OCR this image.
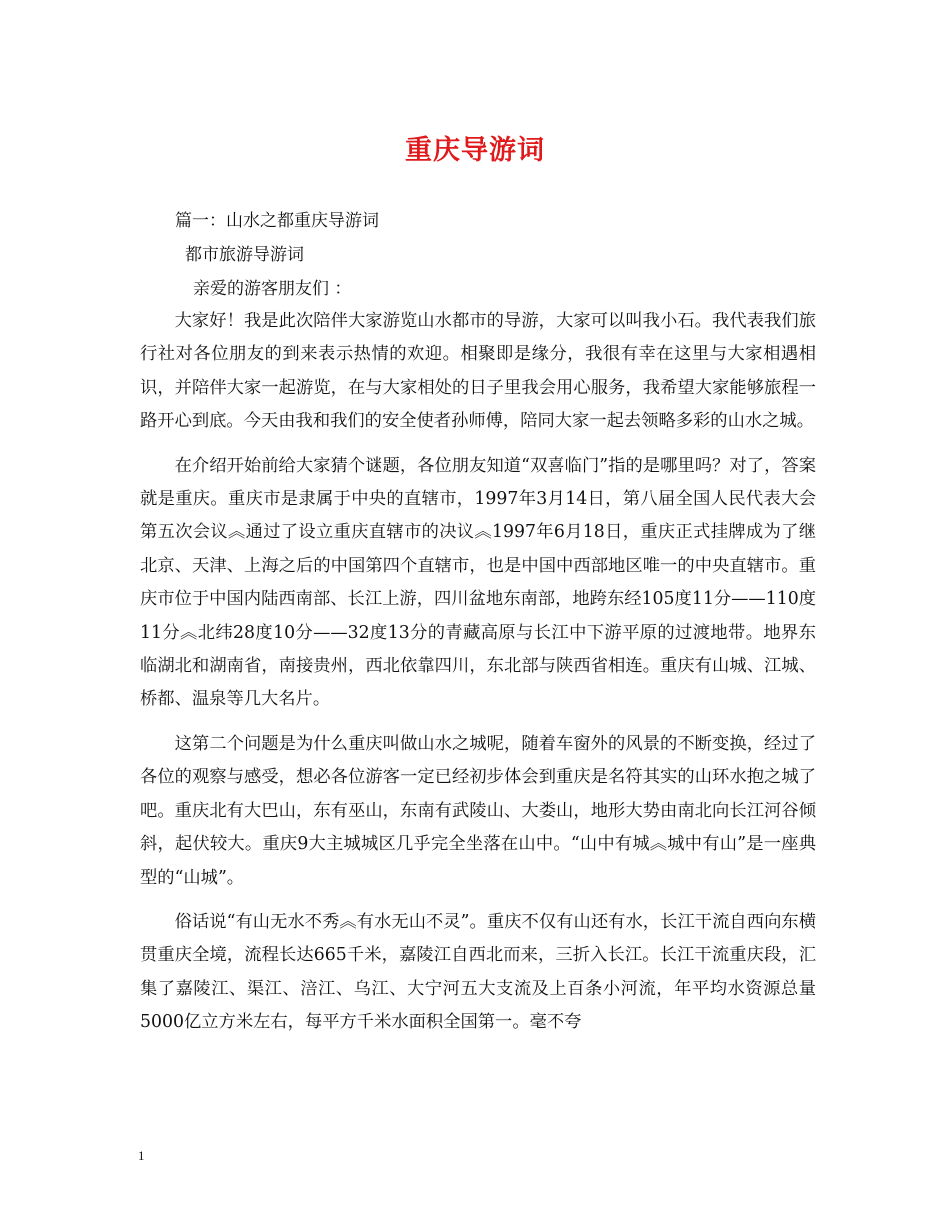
重庆导游词
篇一：山水之都重庆导游词
都市旅游导游词
亲爱的游客朋友们 ：

大家好！我是此次陪伴大家游览山水都市的导游，大家可以叫我小石。我代表我们旅行社对各位朋友的到来表示热情的欢迎。相聚即是缘分，我很有幸在这里与大家相遇相识，并陪伴大家一起游览，在与大家相处的日子里我会用心服务，我希望大家能够旅程一路开心到底。今天由我和我们的安全使者孙师傅，陪同大家一起去领略多彩的山水之城。

在介绍开始前给大家猜个谜题，各位朋友知道“双喜临门”指的是哪里吗？对了，答案就是重庆。重庆市是隶属于中央的直辖市，1997年3月14日，第八届全国人民代表大会第五次会议︽通过了设立重庆直辖市的决议︽1997年6月18日，重庆正式挂牌成为了继北京、天津、上海之后的中国第四个直辖市，也是中国中西部地区唯一的中央直辖市。重庆市位于中国内陆西南部、长江上游，四川盆地东南部，地跨东经105度11分——110度11分︽北纬28度10分——32度13分的青藏高原与长江中下游平原的过渡地带。地界东临湖北和湖南省，南接贵州，西北依靠四川，东北部与陕西省相连。重庆有山城、江城、桥都、温泉等几大名片。

这第二个问题是为什么重庆叫做山水之城呢，随着车窗外的风景的不断变换，经过了各位的观察与感受，想必各位游客一定已经初步体会到重庆是名符其实的山环水抱之城了吧。重庆北有大巴山，东有巫山，东南有武陵山、大娄山，地形大势由南北向长江河谷倾斜，起伏较大。重庆9大主城城区几乎完全坐落在山中。“山中有城︽城中有山”是一座典型的“山城”。

俗话说“有山无水不秀︽有水无山不灵”。重庆不仅有山还有水，长江干流自西向东横贯重庆全境，流程长达665千米，嘉陵江自西北而来，三折入长江。长江干流重庆段，汇集了嘉陵江、渠江、涪江、乌江、大宁河五大支流及上百条小河流，年平均水资源总量5000亿立方米左右，每平方千米水面积全国第一。毫不夸

1
